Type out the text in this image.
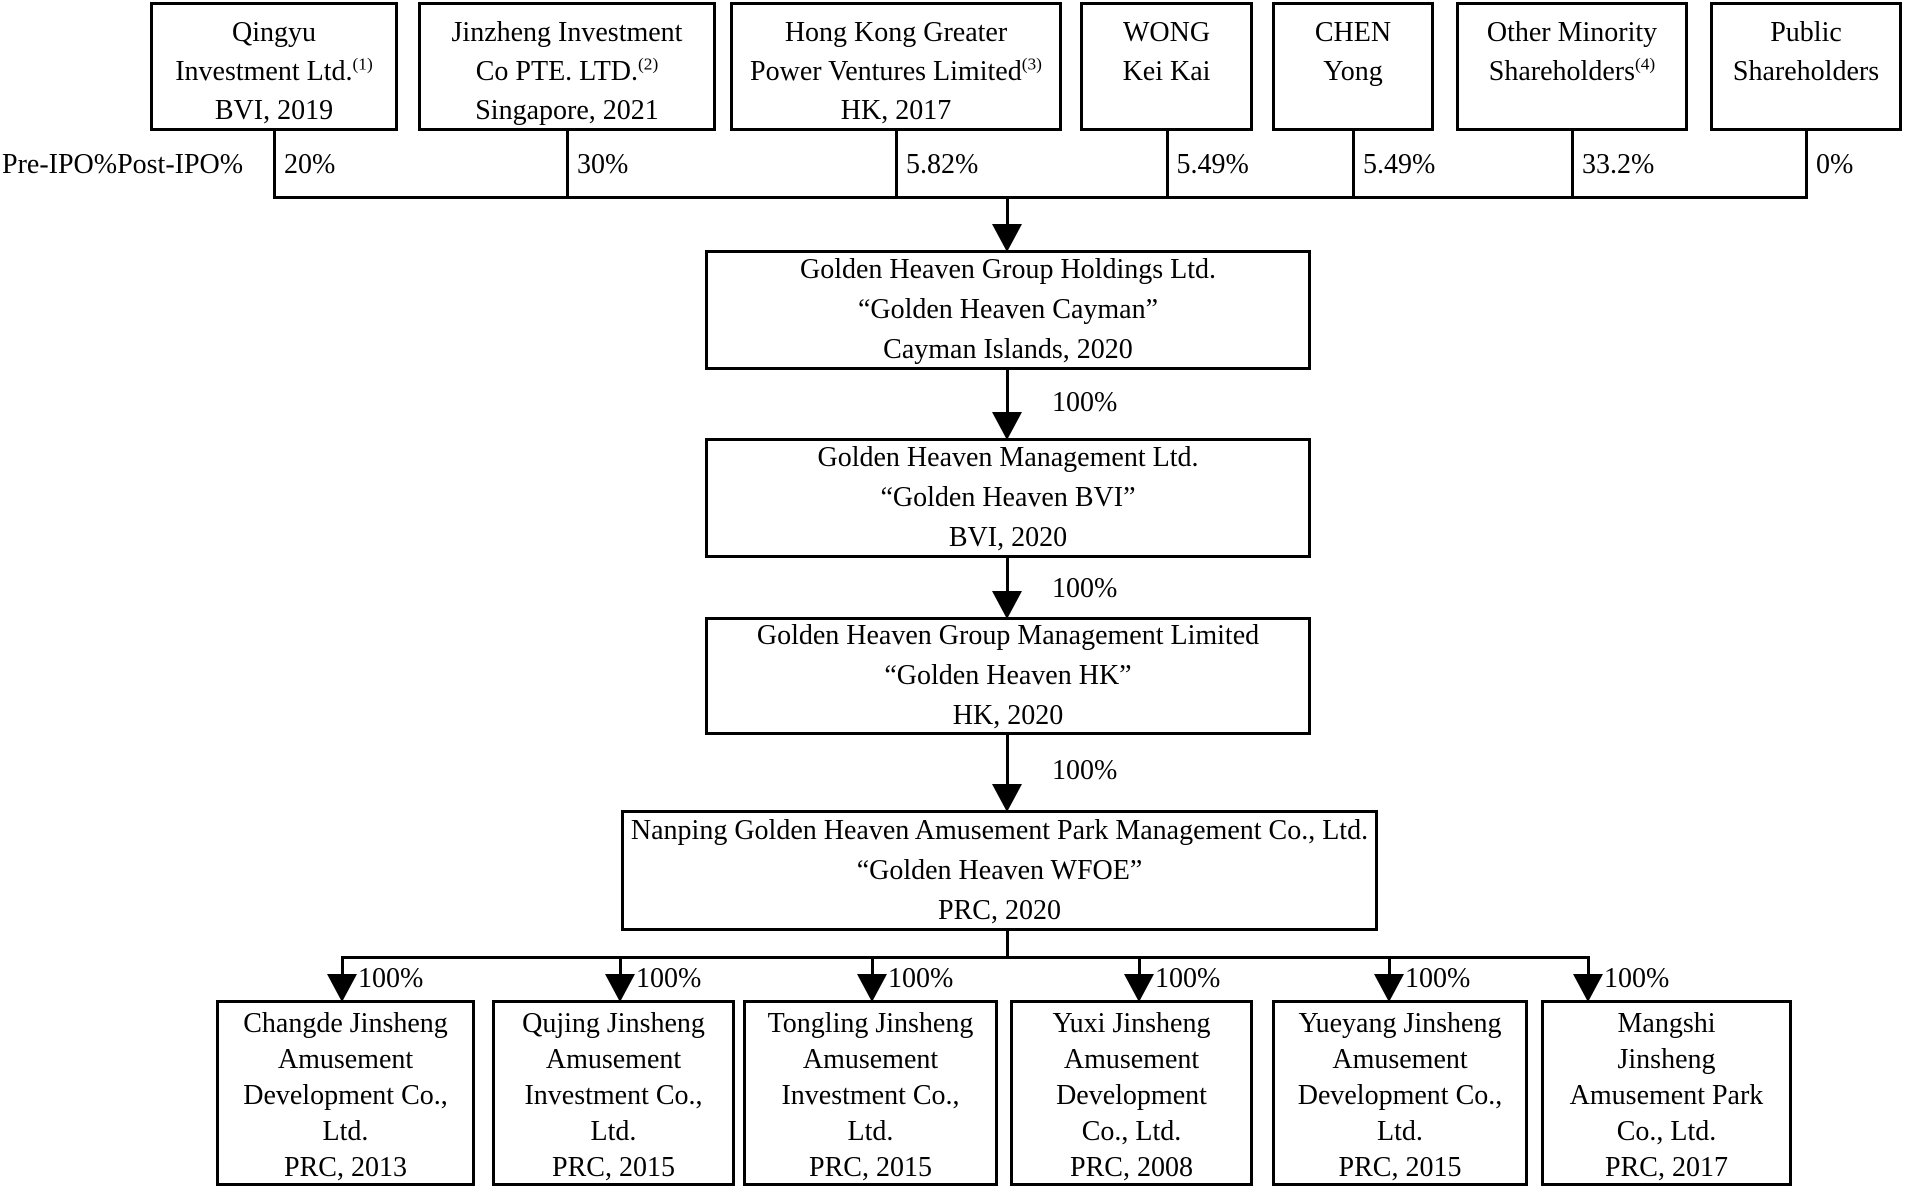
Pre-IPO%Post-IPO%
Qingyu
Investment Ltd.$^{(1)}$
BVI, 2019
20%
Jinzheng Investment
Co PTE. LTD.$^{(2)}$
Singapore, 2021
30%
Hong Kong Greater
Power Ventures Limited$^{(3)}$
HK, 2017
5.82%
WONG
Kei Kai
5.49%
CHEN
Yong
5.49%
Other Minority
Shareholders$^{(4)}$
33.2%
Public
Shareholders
0%
Golden Heaven Group Holdings Ltd.
“Golden Heaven Cayman”
Cayman Islands, 2020
100%
Golden Heaven Management Ltd.
“Golden Heaven BVI”
BVI, 2020
100%
Golden Heaven Group Management Limited
“Golden Heaven HK”
HK, 2020
100%
Nanping Golden Heaven Amusement Park Management Co., Ltd.
“Golden Heaven WFOE”
PRC, 2020
Changde Jinsheng
Amusement
Development Co.,
Ltd.
PRC, 2013
100%
Qujing Jinsheng
Amusement
Investment Co.,
Ltd.
PRC, 2015
100%
Tongling Jinsheng
Amusement
Investment Co.,
Ltd.
PRC, 2015
100%
Yuxi Jinsheng
Amusement
Development
Co., Ltd.
PRC, 2008
100%
Yueyang Jinsheng
Amusement
Development Co.,
Ltd.
PRC, 2015
100%
Mangshi
Jinsheng
Amusement Park
Co., Ltd.
PRC, 2017
100%
